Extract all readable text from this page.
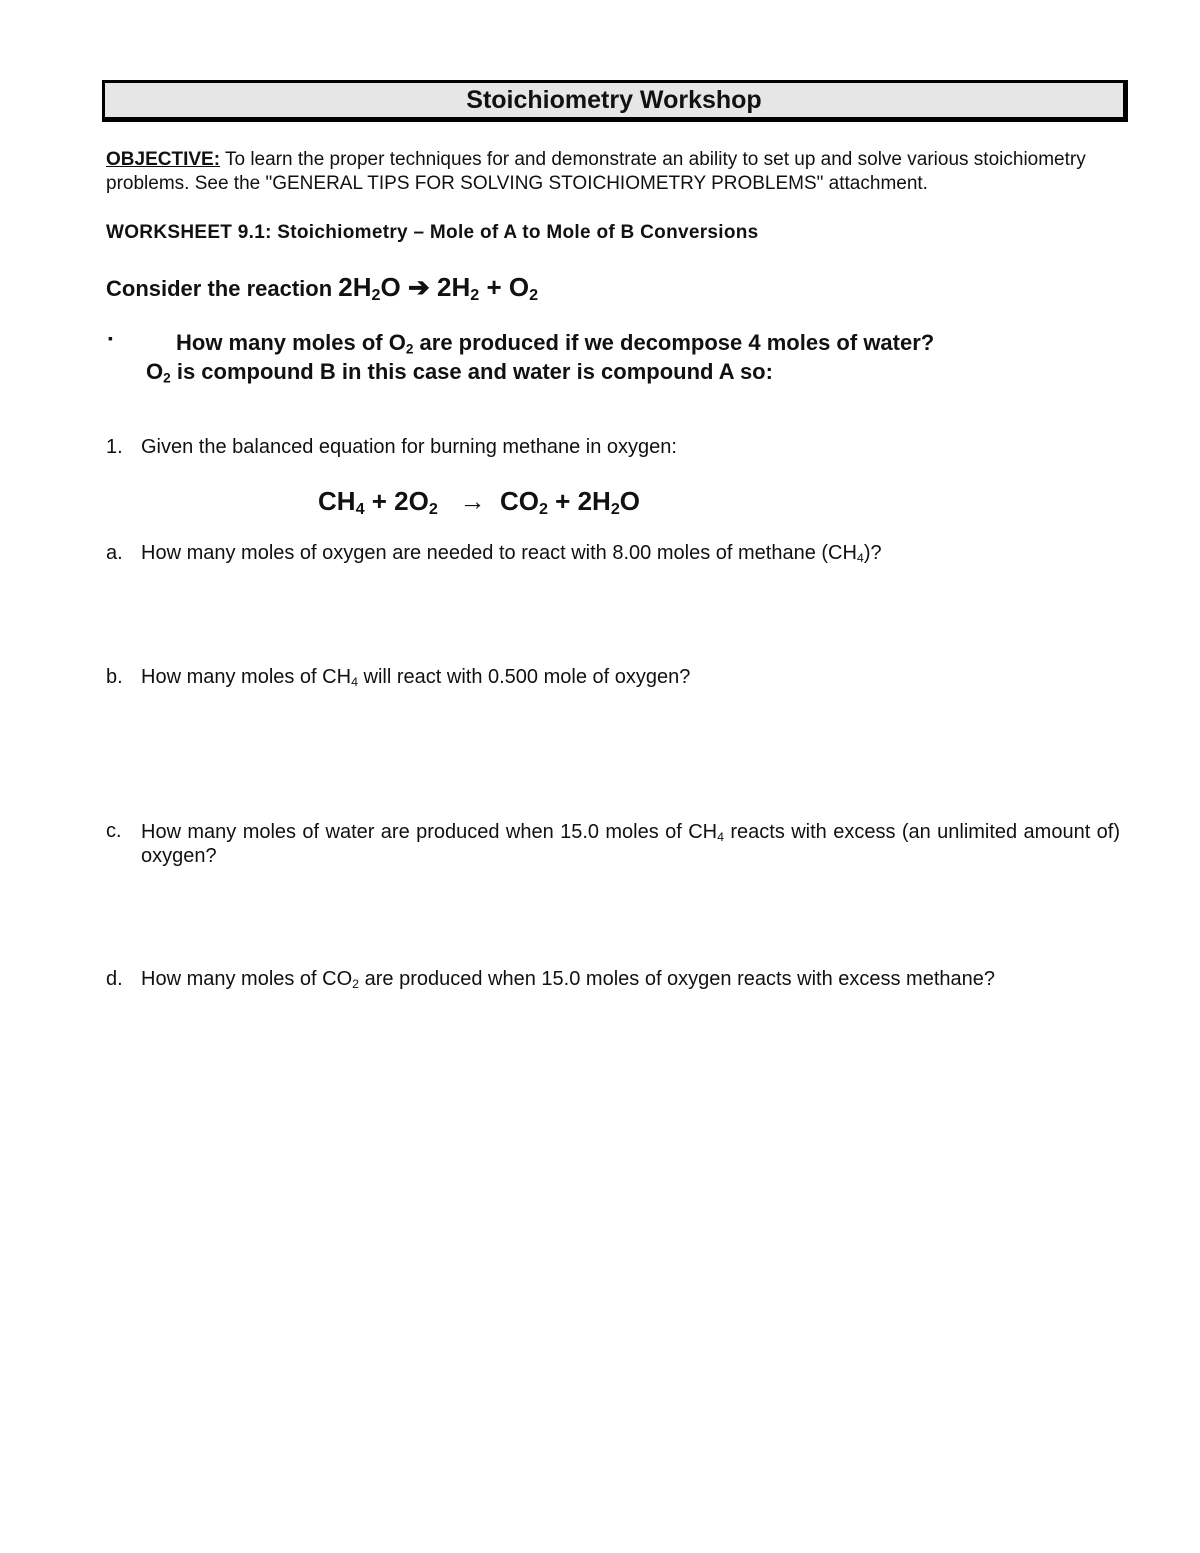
Stoichiometry Workshop
OBJECTIVE: To learn the proper techniques for and demonstrate an ability to set up and solve various stoichiometry problems. See the "GENERAL TIPS FOR SOLVING STOICHIOMETRY PROBLEMS" attachment.
WORKSHEET 9.1: Stoichiometry – Mole of A to Mole of B Conversions
Consider the reaction $2H_2O$ ➔ $2H_2 + O_2$
▪	How many moles of $O_2$ are produced if we decompose 4 moles of water?
$O_2$ is compound B in this case and water is compound A so:
1. Given the balanced equation for burning methane in oxygen:
$CH_4 + 2O_2 \to CO_2 + 2H_2O$
a. How many moles of oxygen are needed to react with 8.00 moles of methane $(CH_4)$?
b. How many moles of $CH_4$ will react with 0.500 mole of oxygen?
c. How many moles of water are produced when 15.0 moles of $CH_4$ reacts with excess (an unlimited amount of) oxygen?
d. How many moles of $CO_2$ are produced when 15.0 moles of oxygen reacts with excess methane?
